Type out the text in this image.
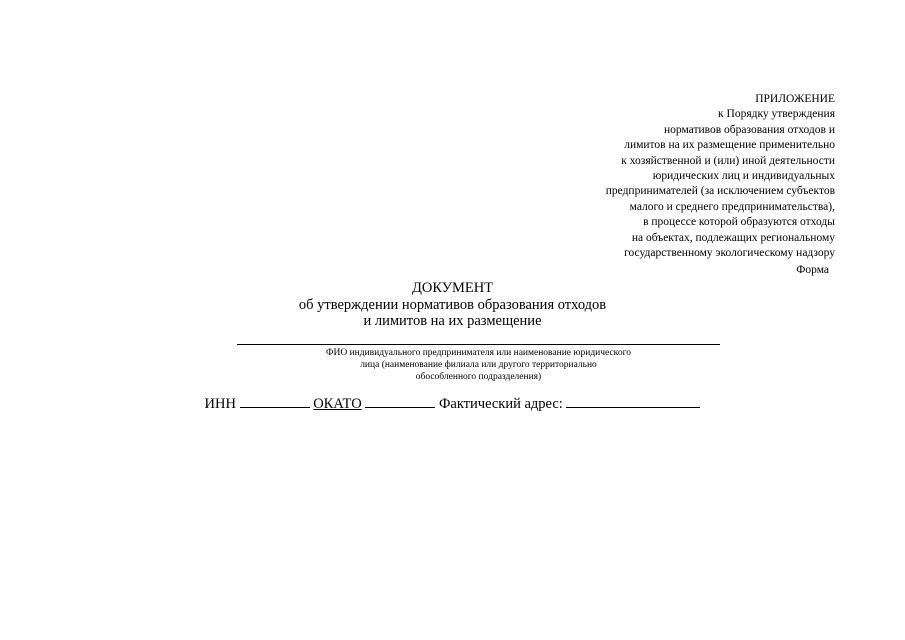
ПРИЛОЖЕНИЕ
к Порядку утверждения
нормативов образования отходов и
лимитов на их размещение применительно
к хозяйственной и (или) иной деятельности
юридических лиц и индивидуальных
предпринимателей (за исключением субъектов
малого и среднего предпринимательства),
в процессе которой образуются отходы
на объектах, подлежащих региональному
государственному экологическому надзору
Форма
ДОКУМЕНТ
об утверждении нормативов образования отходов
и лимитов на их размещение
ФИО индивидуального предпринимателя или наименование юридического
лица (наименование филиала или другого территориально
обособленного подразделения)
ИНН	ОКАТО	Фактический адрес:
